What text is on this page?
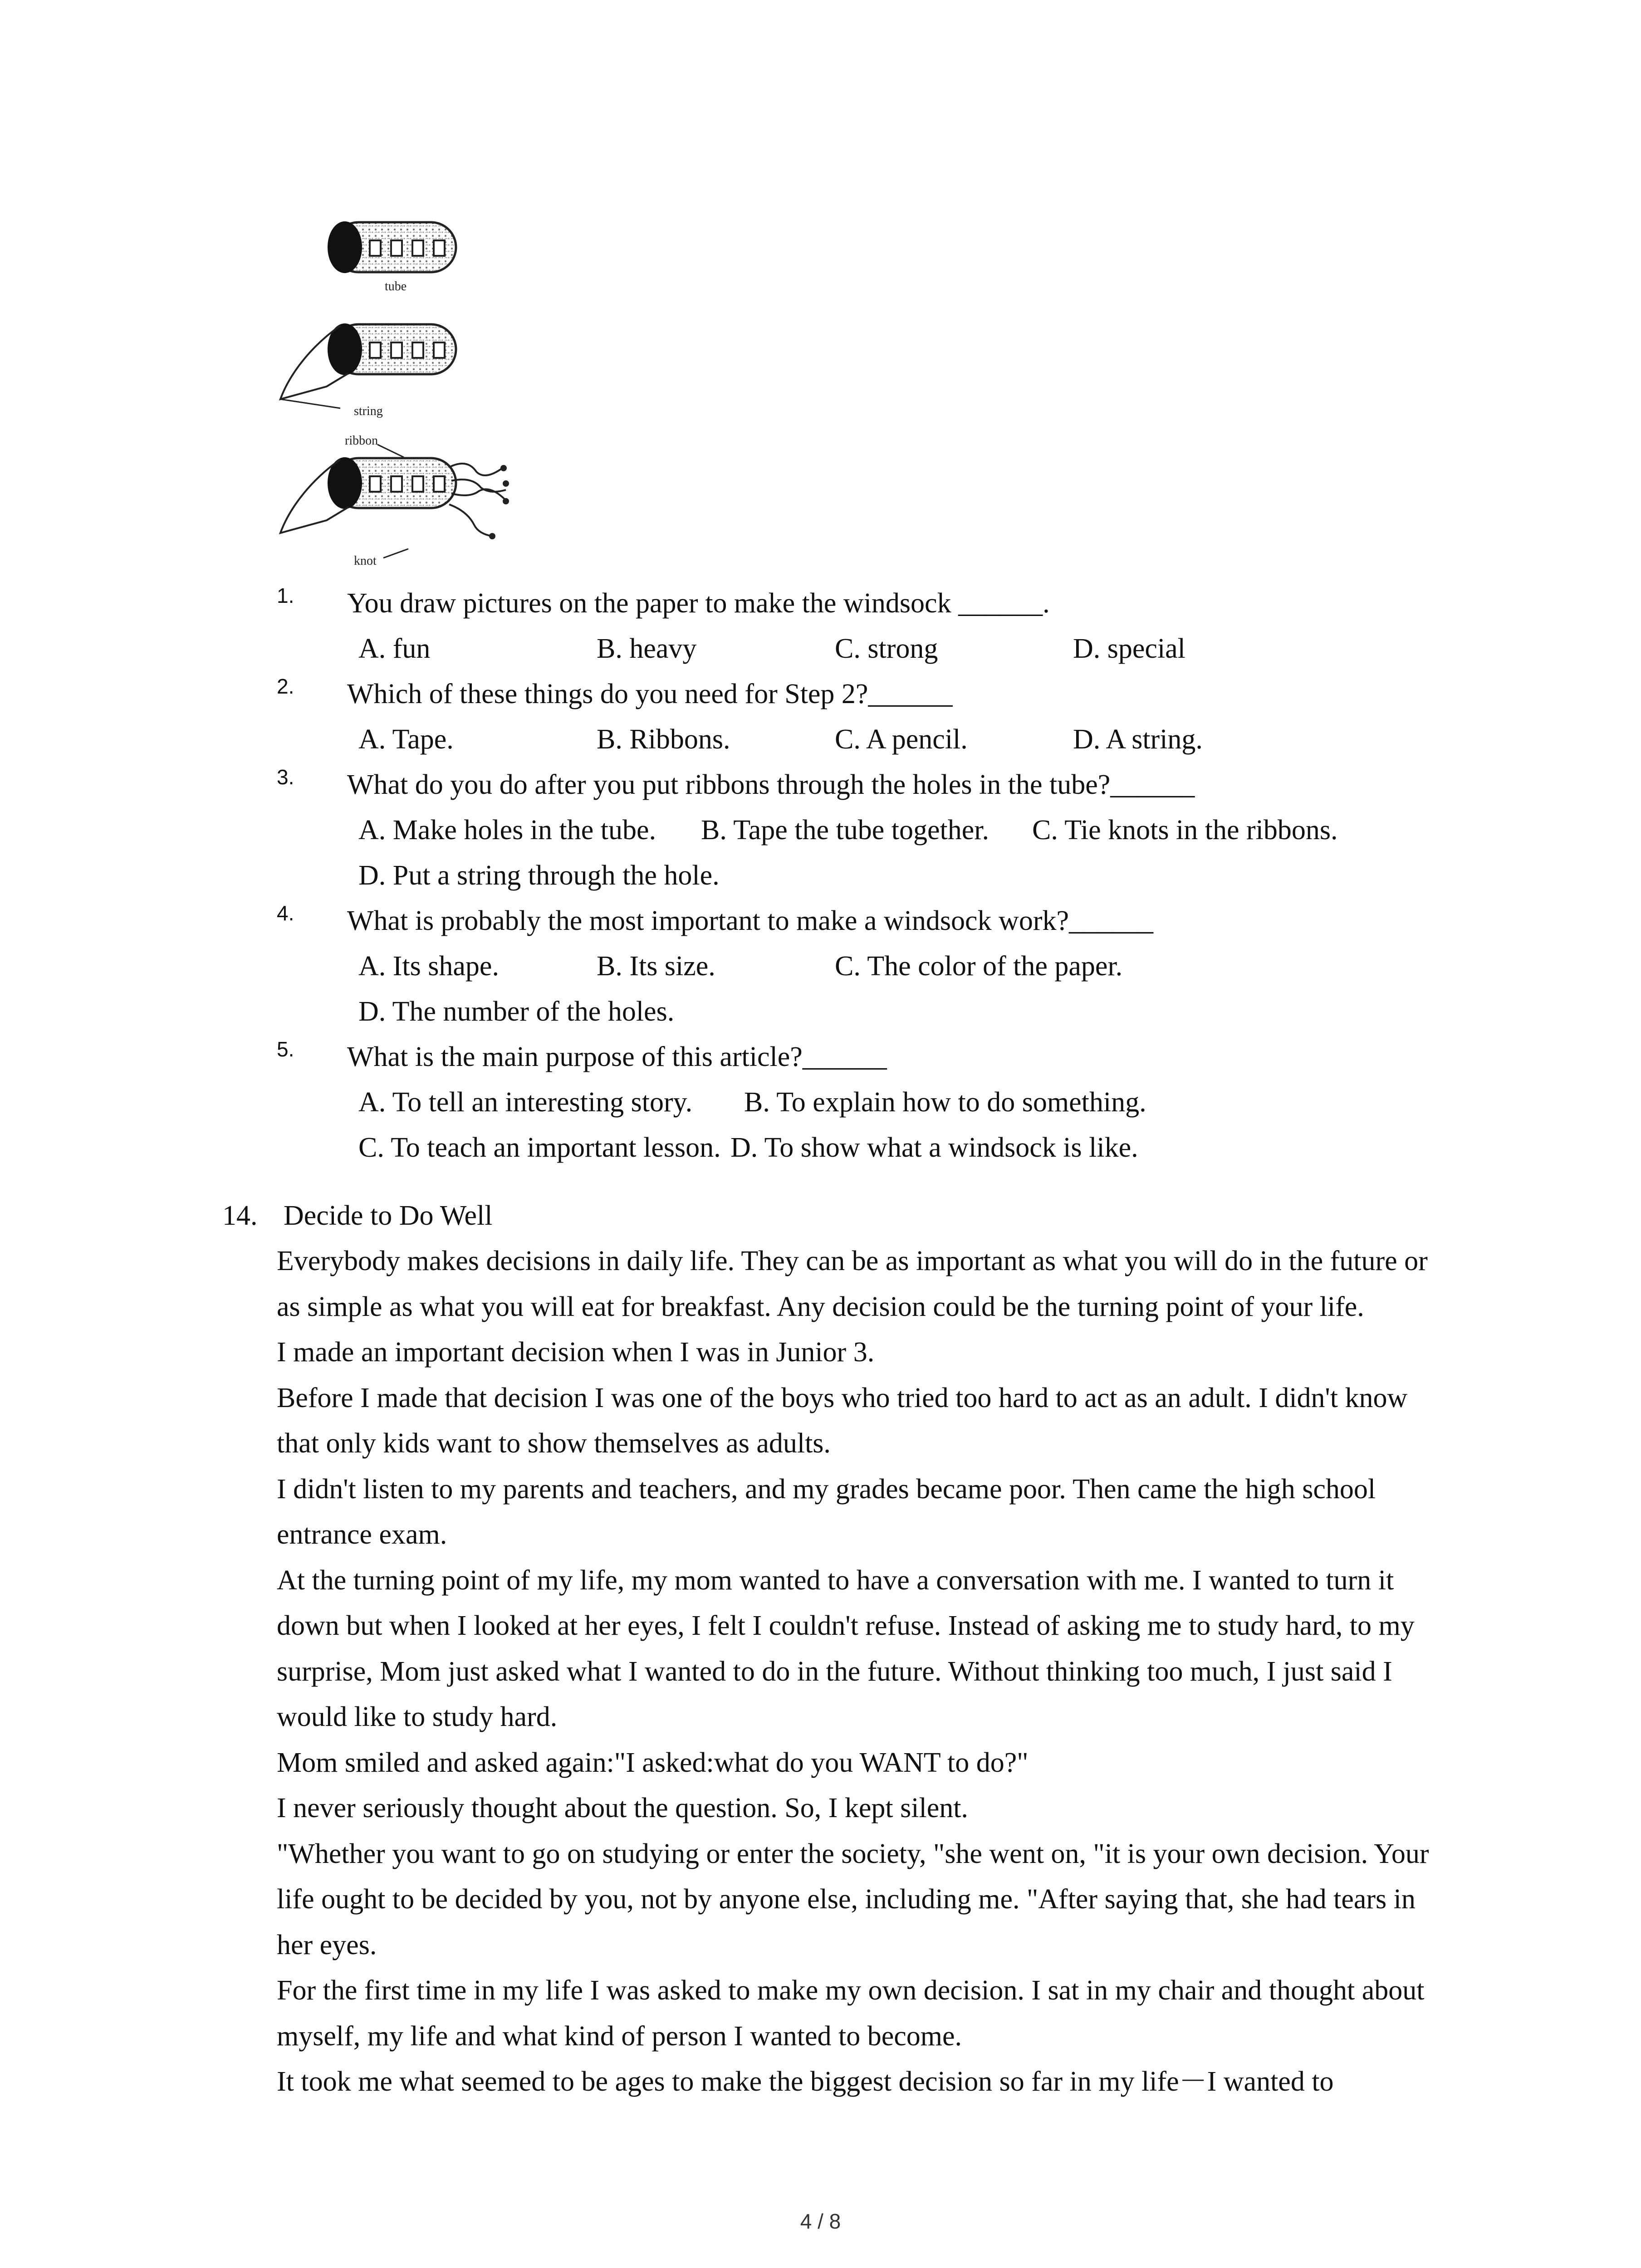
tube
string
ribbon
knot
1. You draw pictures on the paper to make the windsock ______.
A. fun	B. heavy	C. strong	D. special
2. Which of these things do you need for Step 2?______
A. Tape.	B. Ribbons.	C. A pencil.	D. A string.
3. What do you do after you put ribbons through the holes in the tube?______
A. Make holes in the tube. B. Tape the tube together. C. Tie knots in the ribbons.
D. Put a string through the hole.
4. What is probably the most important to make a windsock work?______
A. Its shape.	B. Its size.	C. The color of the paper.
D. The number of the holes.
5. What is the main purpose of this article?______
A. To tell an interesting story. B. To explain how to do something.
C. To teach an important lesson. D. To show what a windsock is like.
14. Decide to Do Well

Everybody makes decisions in daily life. They can be as important as what you will do in the future or as simple as what you will eat for breakfast. Any decision could be the turning point of your life.

I made an important decision when I was in Junior 3.

Before I made that decision I was one of the boys who tried too hard to act as an adult. I didn't know that only kids want to show themselves as adults.

I didn't listen to my parents and teachers, and my grades became poor. Then came the high school entrance exam.

At the turning point of my life, my mom wanted to have a conversation with me. I wanted to turn it down but when I looked at her eyes, I felt I couldn't refuse. Instead of asking me to study hard, to my surprise, Mom just asked what I wanted to do in the future. Without thinking too much, I just said I would like to study hard.

Mom smiled and asked again:"I asked:what do you WANT to do?"

I never seriously thought about the question. So, I kept silent.

"Whether you want to go on studying or enter the society, "she went on, "it is your own decision. Your life ought to be decided by you, not by anyone else, including me. "After saying that, she had tears in her eyes.

For the first time in my life I was asked to make my own decision. I sat in my chair and thought about myself, my life and what kind of person I wanted to become.

It took me what seemed to be ages to make the biggest decision so far in my life－I wanted to

4 / 8
